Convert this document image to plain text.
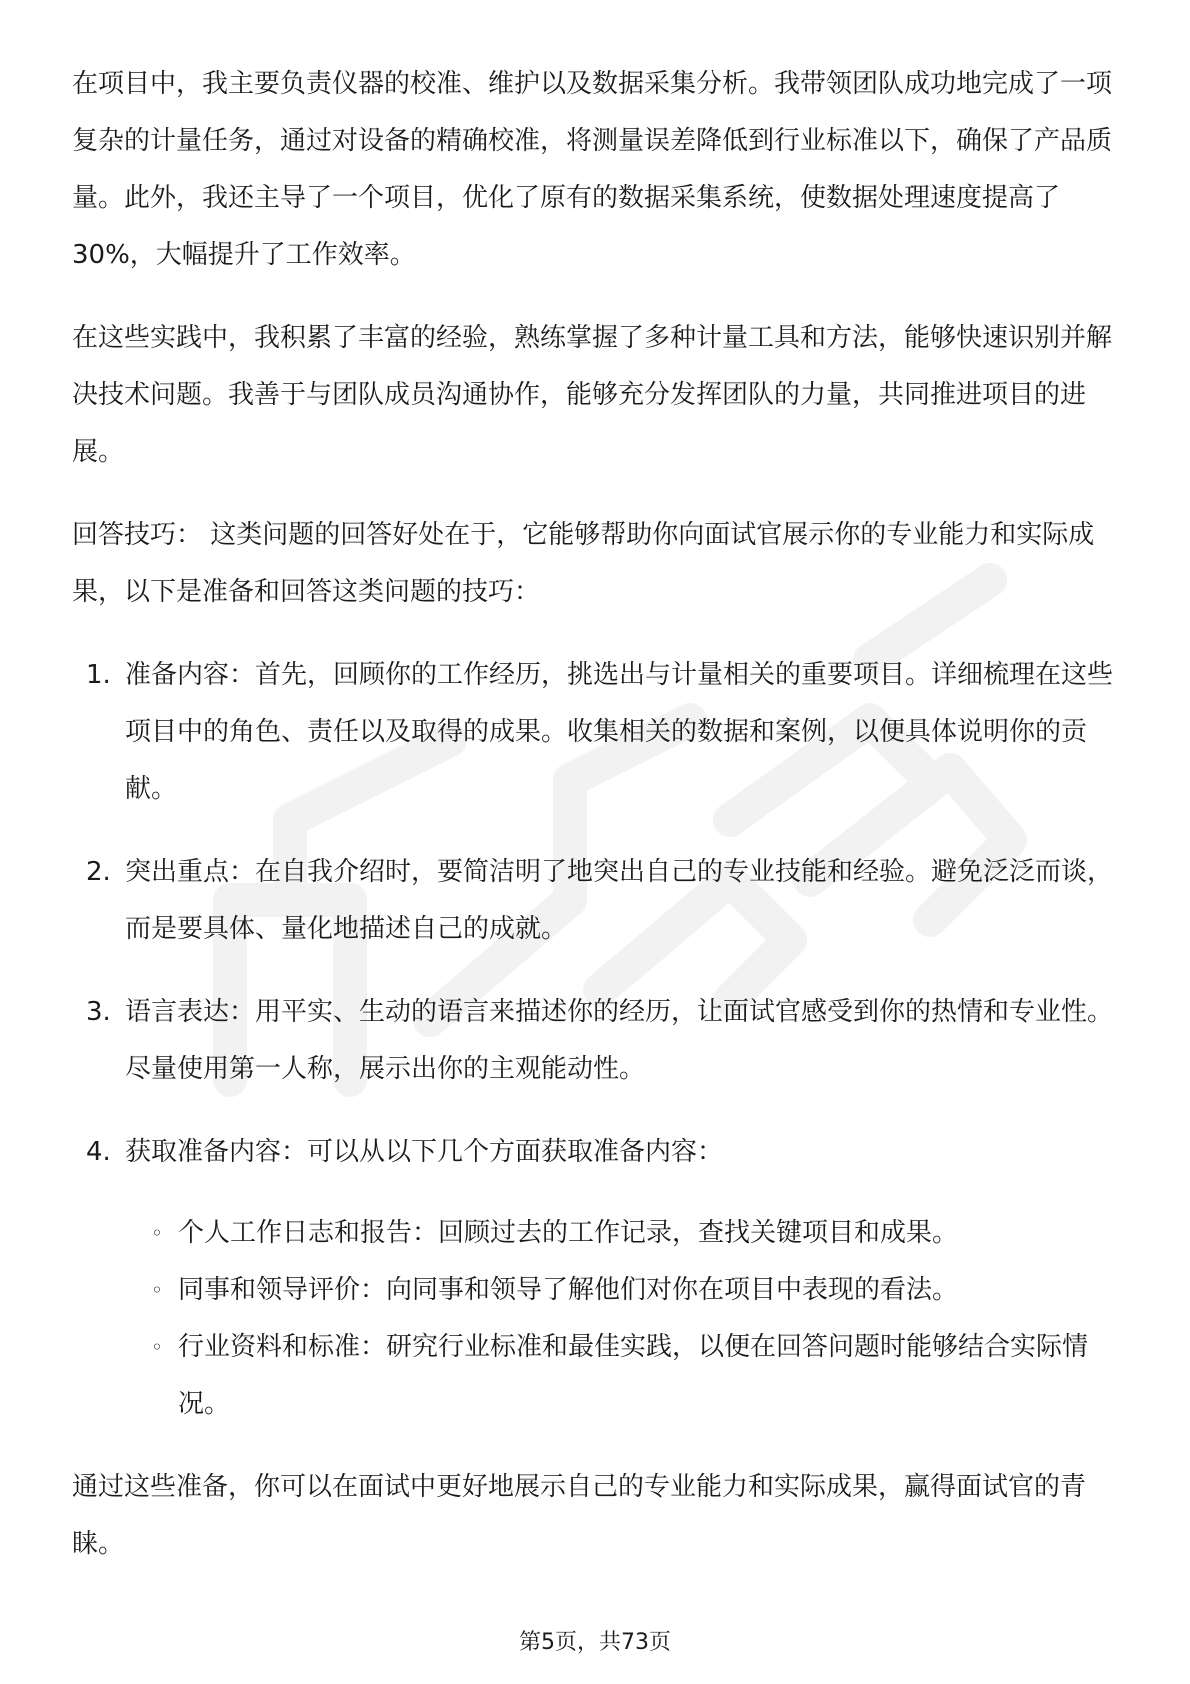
在项目中，我主要负责仪器的校准、维护以及数据采集分析。我带领团队成功地完成了一项复杂的计量任务，通过对设备的精确校准，将测量误差降低到行业标准以下，确保了产品质量。此外，我还主导了一个项目，优化了原有的数据采集系统，使数据处理速度提高了30%，大幅提升了工作效率。

在这些实践中，我积累了丰富的经验，熟练掌握了多种计量工具和方法，能够快速识别并解决技术问题。我善于与团队成员沟通协作，能够充分发挥团队的力量，共同推进项目的进展。

回答技巧： 这类问题的回答好处在于，它能够帮助你向面试官展示你的专业能力和实际成果，以下是准备和回答这类问题的技巧：

1. 准备内容：首先，回顾你的工作经历，挑选出与计量相关的重要项目。详细梳理在这些项目中的角色、责任以及取得的成果。收集相关的数据和案例，以便具体说明你的贡献。
2. 突出重点：在自我介绍时，要简洁明了地突出自己的专业技能和经验。避免泛泛而谈，而是要具体、量化地描述自己的成就。
3. 语言表达：用平实、生动的语言来描述你的经历，让面试官感受到你的热情和专业性。尽量使用第一人称，展示出你的主观能动性。
4. 获取准备内容：可以从以下几个方面获取准备内容：
◦ 个人工作日志和报告：回顾过去的工作记录，查找关键项目和成果。
◦ 同事和领导评价：向同事和领导了解他们对你在项目中表现的看法。
◦ 行业资料和标准：研究行业标准和最佳实践，以便在回答问题时能够结合实际情况。

通过这些准备，你可以在面试中更好地展示自己的专业能力和实际成果，赢得面试官的青睐。

第5页，共73页
